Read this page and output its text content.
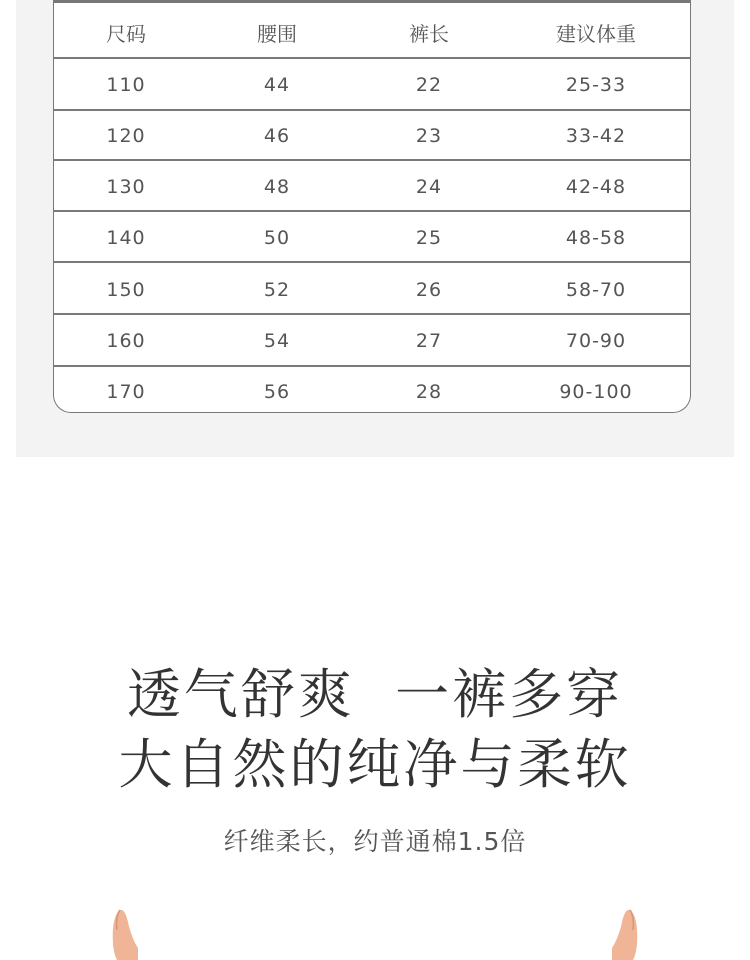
尺码	腰围	裤长	建议体重
110	44	22	25-33
120	46	23	33-42
130	48	24	42-48
140	50	25	48-58
150	52	26	58-70
160	54	27	70-90
170	56	28	90-100
透气舒爽  一裤多穿
大自然的纯净与柔软
纤维柔长，约普通棉1.5倍
